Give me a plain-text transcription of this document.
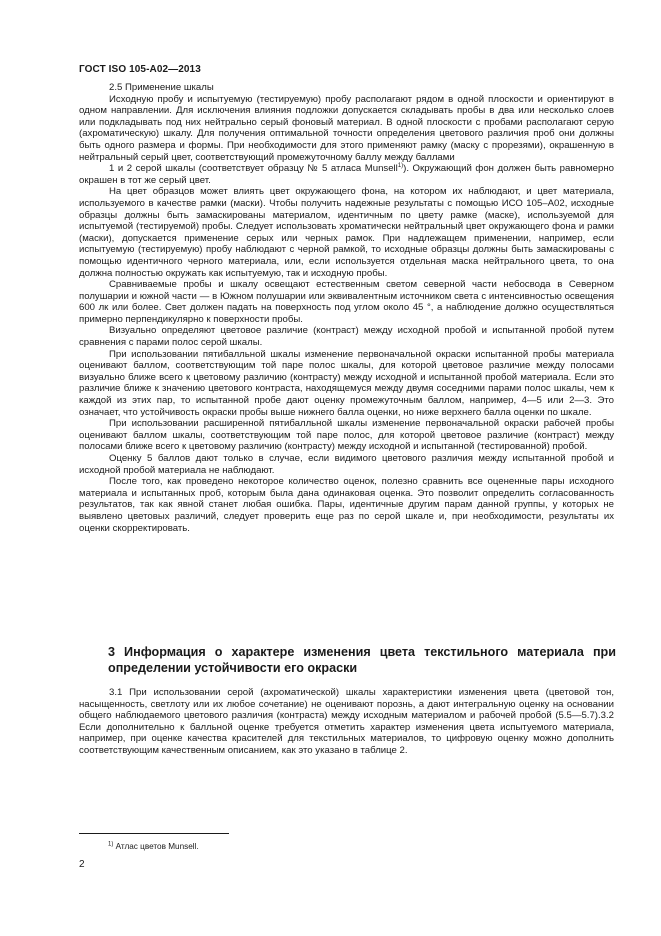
ГОСТ ISO 105-A02—2013

2.5 Применение шкалы

Исходную пробу и испытуемую (тестируемую) пробу располагают рядом в одной плоскости и ориентируют в одном направлении. Для исключения влияния подложки допускается складывать пробы в два или несколько слоев или подкладывать под них нейтрально серый фоновый материал. В одной плоскости с пробами располагают серую (ахроматическую) шкалу. Для получения оптимальной точности определения цветового различия проб они должны быть одного размера и формы. При необходимости для этого применяют рамку (маску с прорезями), окрашенную в нейтральный серый цвет, соответствующий промежуточному баллу между баллами

1 и 2 серой шкалы (соответствует образцу № 5 атласа Munsell$^{1)}$). Окружающий фон должен быть равномерно окрашен в тот же серый цвет.

На цвет образцов может влиять цвет окружающего фона, на котором их наблюдают, и цвет материала, используемого в качестве рамки (маски). Чтобы получить надежные результаты с помощью ИСО 105–А02, исходные образцы должны быть замаскированы материалом, идентичным по цвету рамке (маске), используемой для испытуемой (тестируемой) пробы. Следует использовать хроматически нейтральный цвет окружающего фона и рамки (маски), допускается применение серых или черных рамок. При надлежащем применении, например, если испытуемую (тестируемую) пробу наблюдают с черной рамкой, то исходные образцы должны быть замаскированы с помощью идентичного черного материала, или, если используется отдельная маска нейтрального цвета, то она должна полностью окружать как испытуемую, так и исходную пробы.

Сравниваемые пробы и шкалу освещают естественным светом северной части небосвода в Северном полушарии и южной части — в Южном полушарии или эквивалентным источником света с интенсивностью освещения 600 лк или более. Свет должен падать на поверхность под углом около 45 °, а наблюдение должно осуществляться примерно перпендикулярно к поверхности пробы.

Визуально определяют цветовое различие (контраст) между исходной пробой и испытанной пробой путем сравнения с парами полос серой шкалы.

При использовании пятибалльной шкалы изменение первоначальной окраски испытанной пробы материала оценивают баллом, соответствующим той паре полос шкалы, для которой цветовое различие между полосами визуально ближе всего к цветовому различию (контрасту) между исходной и испытанной пробой материала. Если это различие ближе к значению цветового контраста, находящемуся между двумя соседними парами полос шкалы, чем к каждой из этих пар, то испытанной пробе дают оценку промежуточным баллом, например, 4—5 или 2—3. Это означает, что устойчивость окраски пробы выше нижнего балла оценки, но ниже верхнего балла оценки по шкале.

При использовании расширенной пятибалльной шкалы изменение первоначальной окраски рабочей пробы оценивают баллом шкалы, соответствующим той паре полос, для которой цветовое различие (контраст) между полосами ближе всего к цветовому различию (контрасту) между исходной и испытанной (тестированной) пробой.

Оценку 5 баллов дают только в случае, если видимого цветового различия между испытанной пробой и исходной пробой материала не наблюдают.

После того, как проведено некоторое количество оценок, полезно сравнить все оцененные пары исходного материала и испытанных проб, которым была дана одинаковая оценка. Это позволит определить согласованность результатов, так как явной станет любая ошибка. Пары, идентичные другим парам данной группы, у которых не выявлено цветовых различий, следует проверить еще раз по серой шкале и, при необходимости, результаты их оценки скорректировать.

3 Информация о характере изменения цвета текстильного материала при определении устойчивости его окраски

3.1 При использовании серой (ахроматической) шкалы характеристики изменения цвета (цветовой тон, насыщенность, светлоту или их любое сочетание) не оценивают порознь, а дают интегральную оценку на основании общего наблюдаемого цветового различия (контраста) между исходным материалом и рабочей пробой (5.5—5.7).3.2 Если дополнительно к балльной оценке требуется отметить характер изменения цвета испытуемого материала, например, при оценке качества красителей для текстильных материалов, то цифровую оценку можно дополнить соответствующим качественным описанием, как это указано в таблице 2.

$^{1)}$ Атлас цветов Munsell.
2
